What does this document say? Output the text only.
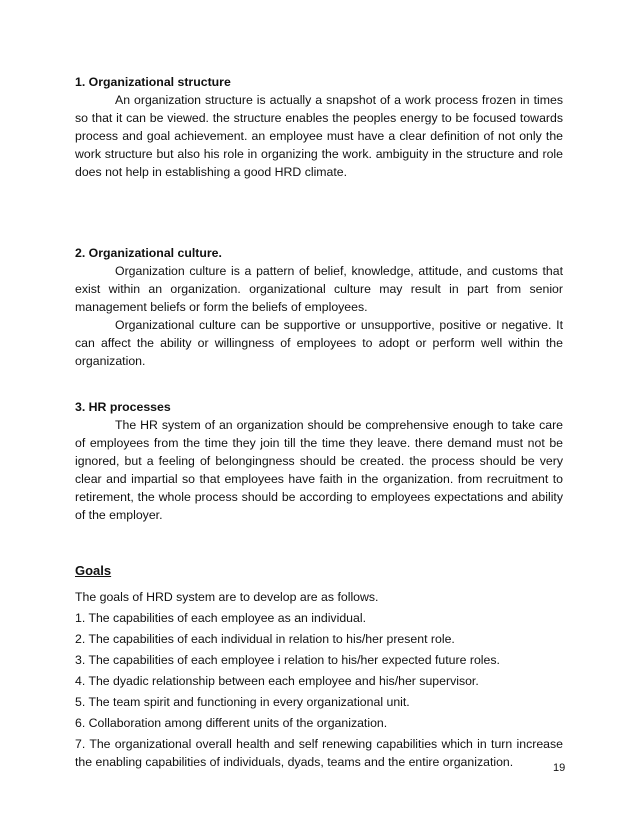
1. Organizational structure

An organization structure is actually a snapshot of a work process frozen in times so that it can be viewed. the structure enables the peoples energy to be focused towards process and goal achievement. an employee must have a clear definition of not only the work structure but also his role in organizing the work. ambiguity in the structure and role does not help in establishing a good HRD climate.

2. Organizational culture.

Organization culture is a pattern of belief, knowledge, attitude, and customs that exist within an organization. organizational culture may result in part from senior management beliefs or form the beliefs of employees.

Organizational culture can be supportive or unsupportive, positive or negative. It can affect the ability or willingness of employees to adopt or perform well within the organization.

3. HR processes

The HR system of an organization should be comprehensive enough to take care of employees from the time they join till the time they leave. there demand must not be ignored, but a feeling of belongingness should be created. the process should be very clear and impartial so that employees have faith in the organization. from recruitment to retirement, the whole process should be according to employees expectations and ability of the employer.

Goals

The goals of HRD system are to develop are as follows.

1. The capabilities of each employee as an individual.

2. The capabilities of each individual in relation to his/her present role.

3. The capabilities of each employee i relation to his/her expected future roles.

4. The dyadic relationship between each employee and his/her supervisor.

5. The team spirit and functioning in every organizational unit.

6. Collaboration among different units of the organization.

7. The organizational overall health and self renewing capabilities which in turn increase the enabling capabilities of individuals, dyads, teams and the entire organization.	19
